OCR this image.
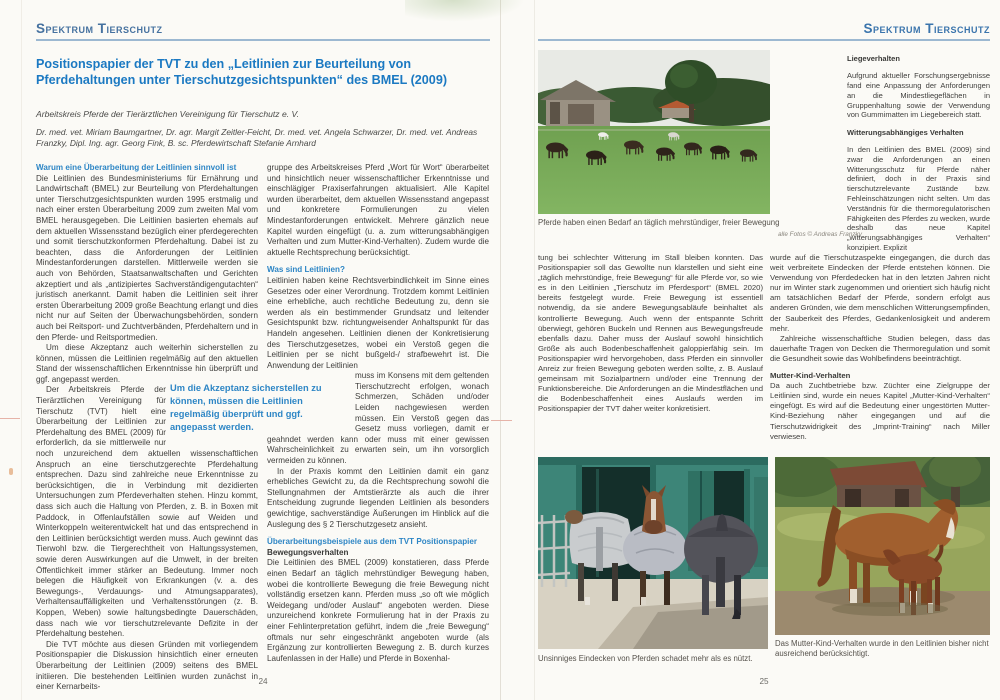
Spektrum Tierschutz
Positionspapier der TVT zu den „Leitlinien zur Beurteilung von Pferdehaltungen unter Tierschutzgesichtspunkten“ des BMEL (2009)
Arbeitskreis Pferde der Tierärztlichen Vereinigung für Tierschutz e. V.
Dr. med. vet. Miriam Baumgartner, Dr. agr. Margit Zeitler-Feicht, Dr. med. vet. Angela Schwarzer, Dr. med. vet. Andreas Franzky, Dipl. Ing. agr. Georg Fink, B. sc. Pferdewirtschaft Stefanie Arnhard

Warum eine Überarbeitung der Leitlinien sinnvoll ist

Die Leitlinien des Bundesministeriums für Ernährung und Landwirtschaft (BMEL) zur Beurteilung von Pferdehaltungen unter Tierschutzgesichtspunkten wurden 1995 erstmalig und nach einer ersten Überarbeitung 2009 zum zweiten Mal vom BMEL herausgegeben. Die Leitlinien basierten ehemals auf dem aktuellen Wissensstand bezüglich einer pferdegerechten und somit tierschutzkonformen Pferdehaltung. Dabei ist zu beachten, dass die Anforderungen der Leitlinien Mindestanforderungen darstellen. Mittlerweile werden sie auch von Behörden, Staatsanwaltschaften und Gerichten akzeptiert und als „antizipiertes Sachverständigengutachten“ juristisch anerkannt. Damit haben die Leitlinien seit ihrer ersten Überarbeitung 2009 große Beachtung erlangt und dies nicht nur auf Seiten der Überwachungsbehörden, sondern auch bei Reitsport- und Zuchtverbänden, Pferdehaltern und in den Pferde- und Reitsportmedien.

Um diese Akzeptanz auch weiterhin sicherstellen zu können, müssen die Leitlinien regelmäßig auf den aktuellen Stand der wissenschaftlichen Erkenntnisse hin überprüft und ggf. angepasst werden.

Der Arbeitskreis Pferde der Tierärztlichen Vereinigung für Tierschutz (TVT) hielt eine Überarbeitung der Leitlinien zur Pferdehaltung des BMEL (2009) für erforderlich, da sie mittlerweile nur noch unzureichend dem aktuellen wissenschaftlichen Anspruch an eine tierschutzgerechte Pferdehaltung entsprechen. Dazu sind zahlreiche neue Erkenntnisse zu berücksichtigen, die in Verbindung mit dezidierten Untersuchungen zum Pferdeverhalten stehen. Hinzu kommt, dass sich auch die Haltung von Pferden, z. B. in Boxen mit Paddock, in Offenlaufställen sowie auf Weiden und Winterkoppeln weiterentwickelt hat und das entsprechend in den Leitlinien berücksichtigt werden muss. Auch gewinnt das Tierwohl bzw. die Tiergerechtheit von Haltungssystemen, sowie deren Auswirkungen auf die Umwelt, in der breiten Öffentlichkeit immer stärker an Bedeutung. Immer noch belegen die Häufigkeit von Erkrankungen (v. a. des Bewegungs-, Verdauungs- und Atmungsapparates), Verhaltensauffälligkeiten und Verhaltensstörungen (z. B. Koppen, Weben) sowie haltungsbedingte Dauerschäden, dass nach wie vor tierschutzrelevante Defizite in der Pferdehaltung bestehen.

Die TVT möchte aus diesen Gründen mit vorliegendem Positionspapier die Diskussion hinsichtlich einer erneuten Überarbeitung der Leitlinien (2009) seitens des BMEL initiieren. Die bestehenden Leitlinien wurden zunächst in einer Kernarbeits-

gruppe des Arbeitskreises Pferd „Wort für Wort“ überarbeitet und hinsichtlich neuer wissenschaftlicher Erkenntnisse und einschlägiger Praxiserfahrungen aktualisiert. Alle Kapitel wurden überarbeitet, dem aktuellen Wissensstand angepasst und konkretere Formulierungen zu vielen Mindestanforderungen entwickelt. Mehrere gänzlich neue Kapitel wurden eingefügt (u. a. zum witterungsabhängigen Verhalten und zum Mutter-Kind-Verhalten). Zudem wurde die aktuelle Rechtsprechung berücksichtigt.

Was sind Leitlinien?

Leitlinien haben keine Rechtsverbindlichkeit im Sinne eines Gesetzes oder einer Verordnung. Trotzdem kommt Leitlinien eine erhebliche, auch rechtliche Bedeutung zu, denn sie werden als ein bestimmender Grundsatz und leitender Gesichtspunkt bzw. richtungweisender Anhaltspunkt für das Handeln angesehen. Leitlinien dienen der Konkretisierung des Tierschutzgesetzes, wobei ein Verstoß gegen die Leitlinien per se nicht bußgeld-/ strafbewehrt ist. Die Anwendung der Leitlinien

muss im Konsens mit dem geltenden Tierschutzrecht erfolgen, wonach Schmerzen, Schäden und/oder Leiden nachgewiesen werden müssen. Ein Verstoß gegen das Gesetz muss vorliegen, damit er geahndet werden kann oder muss mit einer gewissen Wahrscheinlichkeit zu erwarten sein, um ihn vorsorglich vermeiden zu können.

In der Praxis kommt den Leitlinien damit ein ganz erhebliches Gewicht zu, da die Rechtsprechung sowohl die Stellungnahmen der Amtstierärzte als auch die ihrer Entscheidung zugrunde liegenden Leitlinien als besonders gewichtige, sachverständige Äußerungen im Hinblick auf die Auslegung des § 2 Tierschutzgesetz ansieht.

Überarbeitungsbeispiele aus dem TVT Positionspapier

Bewegungsverhalten

Die Leitlinien des BMEL (2009) konstatieren, dass Pferde einen Bedarf an täglich mehrstündiger Bewegung haben, wobei die kontrollierte Bewegung die freie Bewegung nicht vollständig ersetzen kann. Pferden muss „so oft wie möglich Weidegang und/oder Auslauf“ angeboten werden. Diese unzureichend konkrete Formulierung hat in der Praxis zu einer Fehlinterpretation geführt, indem die „freie Bewegung“ oftmals nur sehr eingeschränkt angeboten wurde (als Ergänzung zur kontrollierten Bewegung z. B. durch kurzes Laufenlassen in der Halle) und Pferde in Boxenhal-

Um die Akzeptanz sicherstellen zu können, müssen die Leitlinien regelmäßig überprüft und ggf. angepasst werden.
24
Spektrum Tierschutz
Pferde haben einen Bedarf an täglich mehrstündiger, freier Bewegung
alle Fotos © Andreas Franzky

Liegeverhalten

Aufgrund aktueller Forschungsergebnisse fand eine Anpassung der Anforderungen an die Mindestliegeflächen in Gruppenhaltung sowie der Verwendung von Gummimatten im Liegebereich statt.

Witterungsabhängiges Verhalten

In den Leitlinien des BMEL (2009) sind zwar die Anforderungen an einen Witterungsschutz für Pferde näher definiert, doch in der Praxis sind tierschutzrelevante Zustände bzw. Fehleinschätzungen nicht selten. Um das Verständnis für die thermoregulatorischen Fähigkeiten des Pferdes zu wecken, wurde deshalb das neue Kapitel „witterungsabhängiges Verhalten“ konzipiert. Explizit

tung bei schlechter Witterung im Stall bleiben konnten. Das Positionspapier soll das Gewollte nun klarstellen und sieht eine „täglich mehrstündige, freie Bewegung“ für alle Pferde vor, so wie es in den Leitlinien „Tierschutz im Pferdesport“ (BMEL 2020) bereits festgelegt wurde. Freie Bewegung ist essentiell notwendig, da sie andere Bewegungsabläufe beinhaltet als kontrollierte Bewegung. Auch wenn der entspannte Schritt überwiegt, gehören Buckeln und Rennen aus Bewegungsfreude ebenfalls dazu. Daher muss der Auslauf sowohl hinsichtlich Größe als auch Bodenbeschaffenheit galoppierfähig sein. Im Positionspapier wird hervorgehoben, dass Pferden ein sinnvoller Anreiz zur freien Bewegung geboten werden sollte, z. B. Auslauf gemeinsam mit Sozialpartnern und/oder eine Trennung der Funktionsbereiche. Die Anforderungen an die Mindestflächen und die Bodenbeschaffenheit eines Auslaufs werden im Positionspapier der TVT daher weiter konkretisiert.

wurde auf die Tierschutzaspekte eingegangen, die durch das weit verbreitete Eindecken der Pferde entstehen können. Die Verwendung von Pferdedecken hat in den letzten Jahren nicht nur im Winter stark zugenommen und orientiert sich häufig nicht am tatsächlichen Bedarf der Pferde, sondern erfolgt aus anderen Gründen, wie dem menschlichen Witterungsempfinden, der Sauberkeit des Pferdes, Gedankenlosigkeit und anderem mehr.

Zahlreiche wissenschaftliche Studien belegen, dass das dauerhafte Tragen von Decken die Thermoregulation und somit die Gesundheit sowie das Wohlbefindens beeinträchtigt.

Mutter-Kind-Verhalten

Da auch Zuchtbetriebe bzw. Züchter eine Zielgruppe der Leitlinien sind, wurde ein neues Kapitel „Mutter-Kind-Verhalten“ eingefügt. Es wird auf die Bedeutung einer ungestörten Mutter-Kind-Beziehung näher eingegangen und auf die Tierschutzwidrigkeit des „Imprint-Training“ nach Miller verwiesen.

Unsinniges Eindecken von Pferden schadet mehr als es nützt.
Das Mutter-Kind-Verhalten wurde in den Leitlinien bisher nicht ausreichend berücksichtigt.
25
